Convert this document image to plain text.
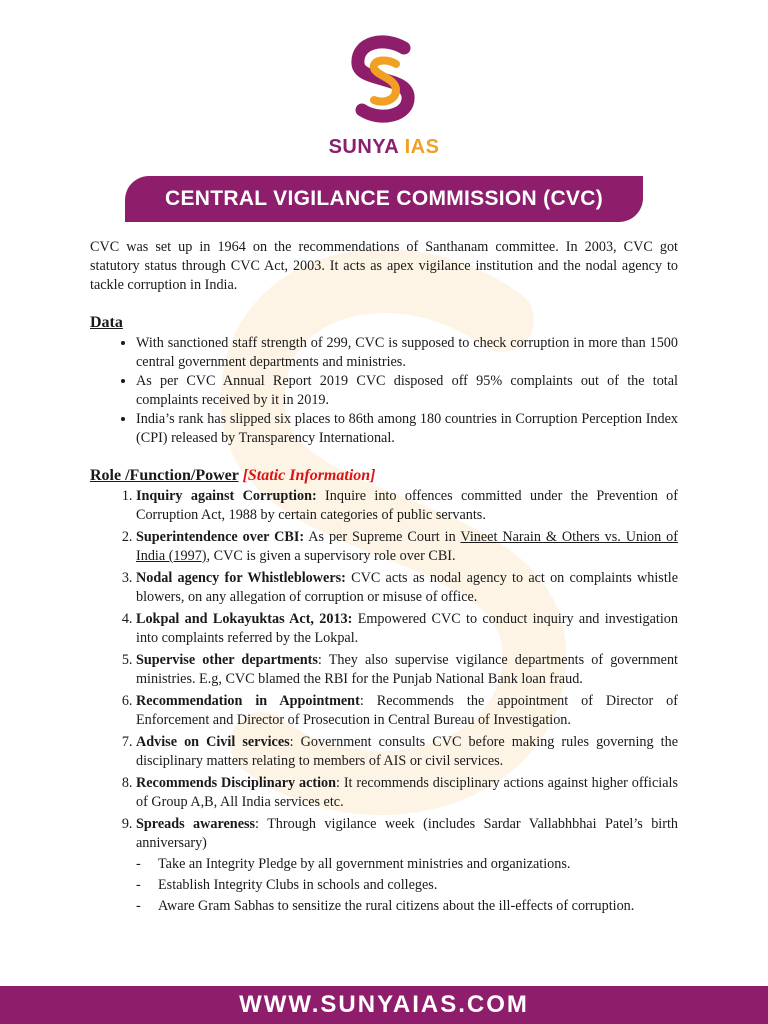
SUNYA IAS
CENTRAL VIGILANCE COMMISSION (CVC)

CVC was set up in 1964 on the recommendations of Santhanam committee. In 2003, CVC got statutory status through CVC Act, 2003. It acts as apex vigilance institution and the nodal agency to tackle corruption in India.

Data
• With sanctioned staff strength of 299, CVC is supposed to check corruption in more than 1500 central government departments and ministries.
• As per CVC Annual Report 2019 CVC disposed off 95% complaints out of the total complaints received by it in 2019.
• India’s rank has slipped six places to 86th among 180 countries in Corruption Perception Index (CPI) released by Transparency International.
Role /Function/Power [Static Information]
1. Inquiry against Corruption: Inquire into offences committed under the Prevention of Corruption Act, 1988 by certain categories of public servants.
2. Superintendence over CBI: As per Supreme Court in Vineet Narain & Others vs. Union of India (1997), CVC is given a supervisory role over CBI.
3. Nodal agency for Whistleblowers: CVC acts as nodal agency to act on complaints whistle blowers, on any allegation of corruption or misuse of office.
4. Lokpal and Lokayuktas Act, 2013: Empowered CVC to conduct inquiry and investigation into complaints referred by the Lokpal.
5. Supervise other departments: They also supervise vigilance departments of government ministries. E.g, CVC blamed the RBI for the Punjab National Bank loan fraud.
6. Recommendation in Appointment: Recommends the appointment of Director of Enforcement and Director of Prosecution in Central Bureau of Investigation.
7. Advise on Civil services: Government consults CVC before making rules governing the disciplinary matters relating to members of AIS or civil services.
8. Recommends Disciplinary action: It recommends disciplinary actions against higher officials of Group A,B, All India services etc.
9. Spreads awareness: Through vigilance week (includes Sardar Vallabhbhai Patel’s birth anniversary)
- Take an Integrity Pledge by all government ministries and organizations.
- Establish Integrity Clubs in schools and colleges.
- Aware Gram Sabhas to sensitize the rural citizens about the ill-effects of corruption.
WWW.SUNYAIAS.COM
